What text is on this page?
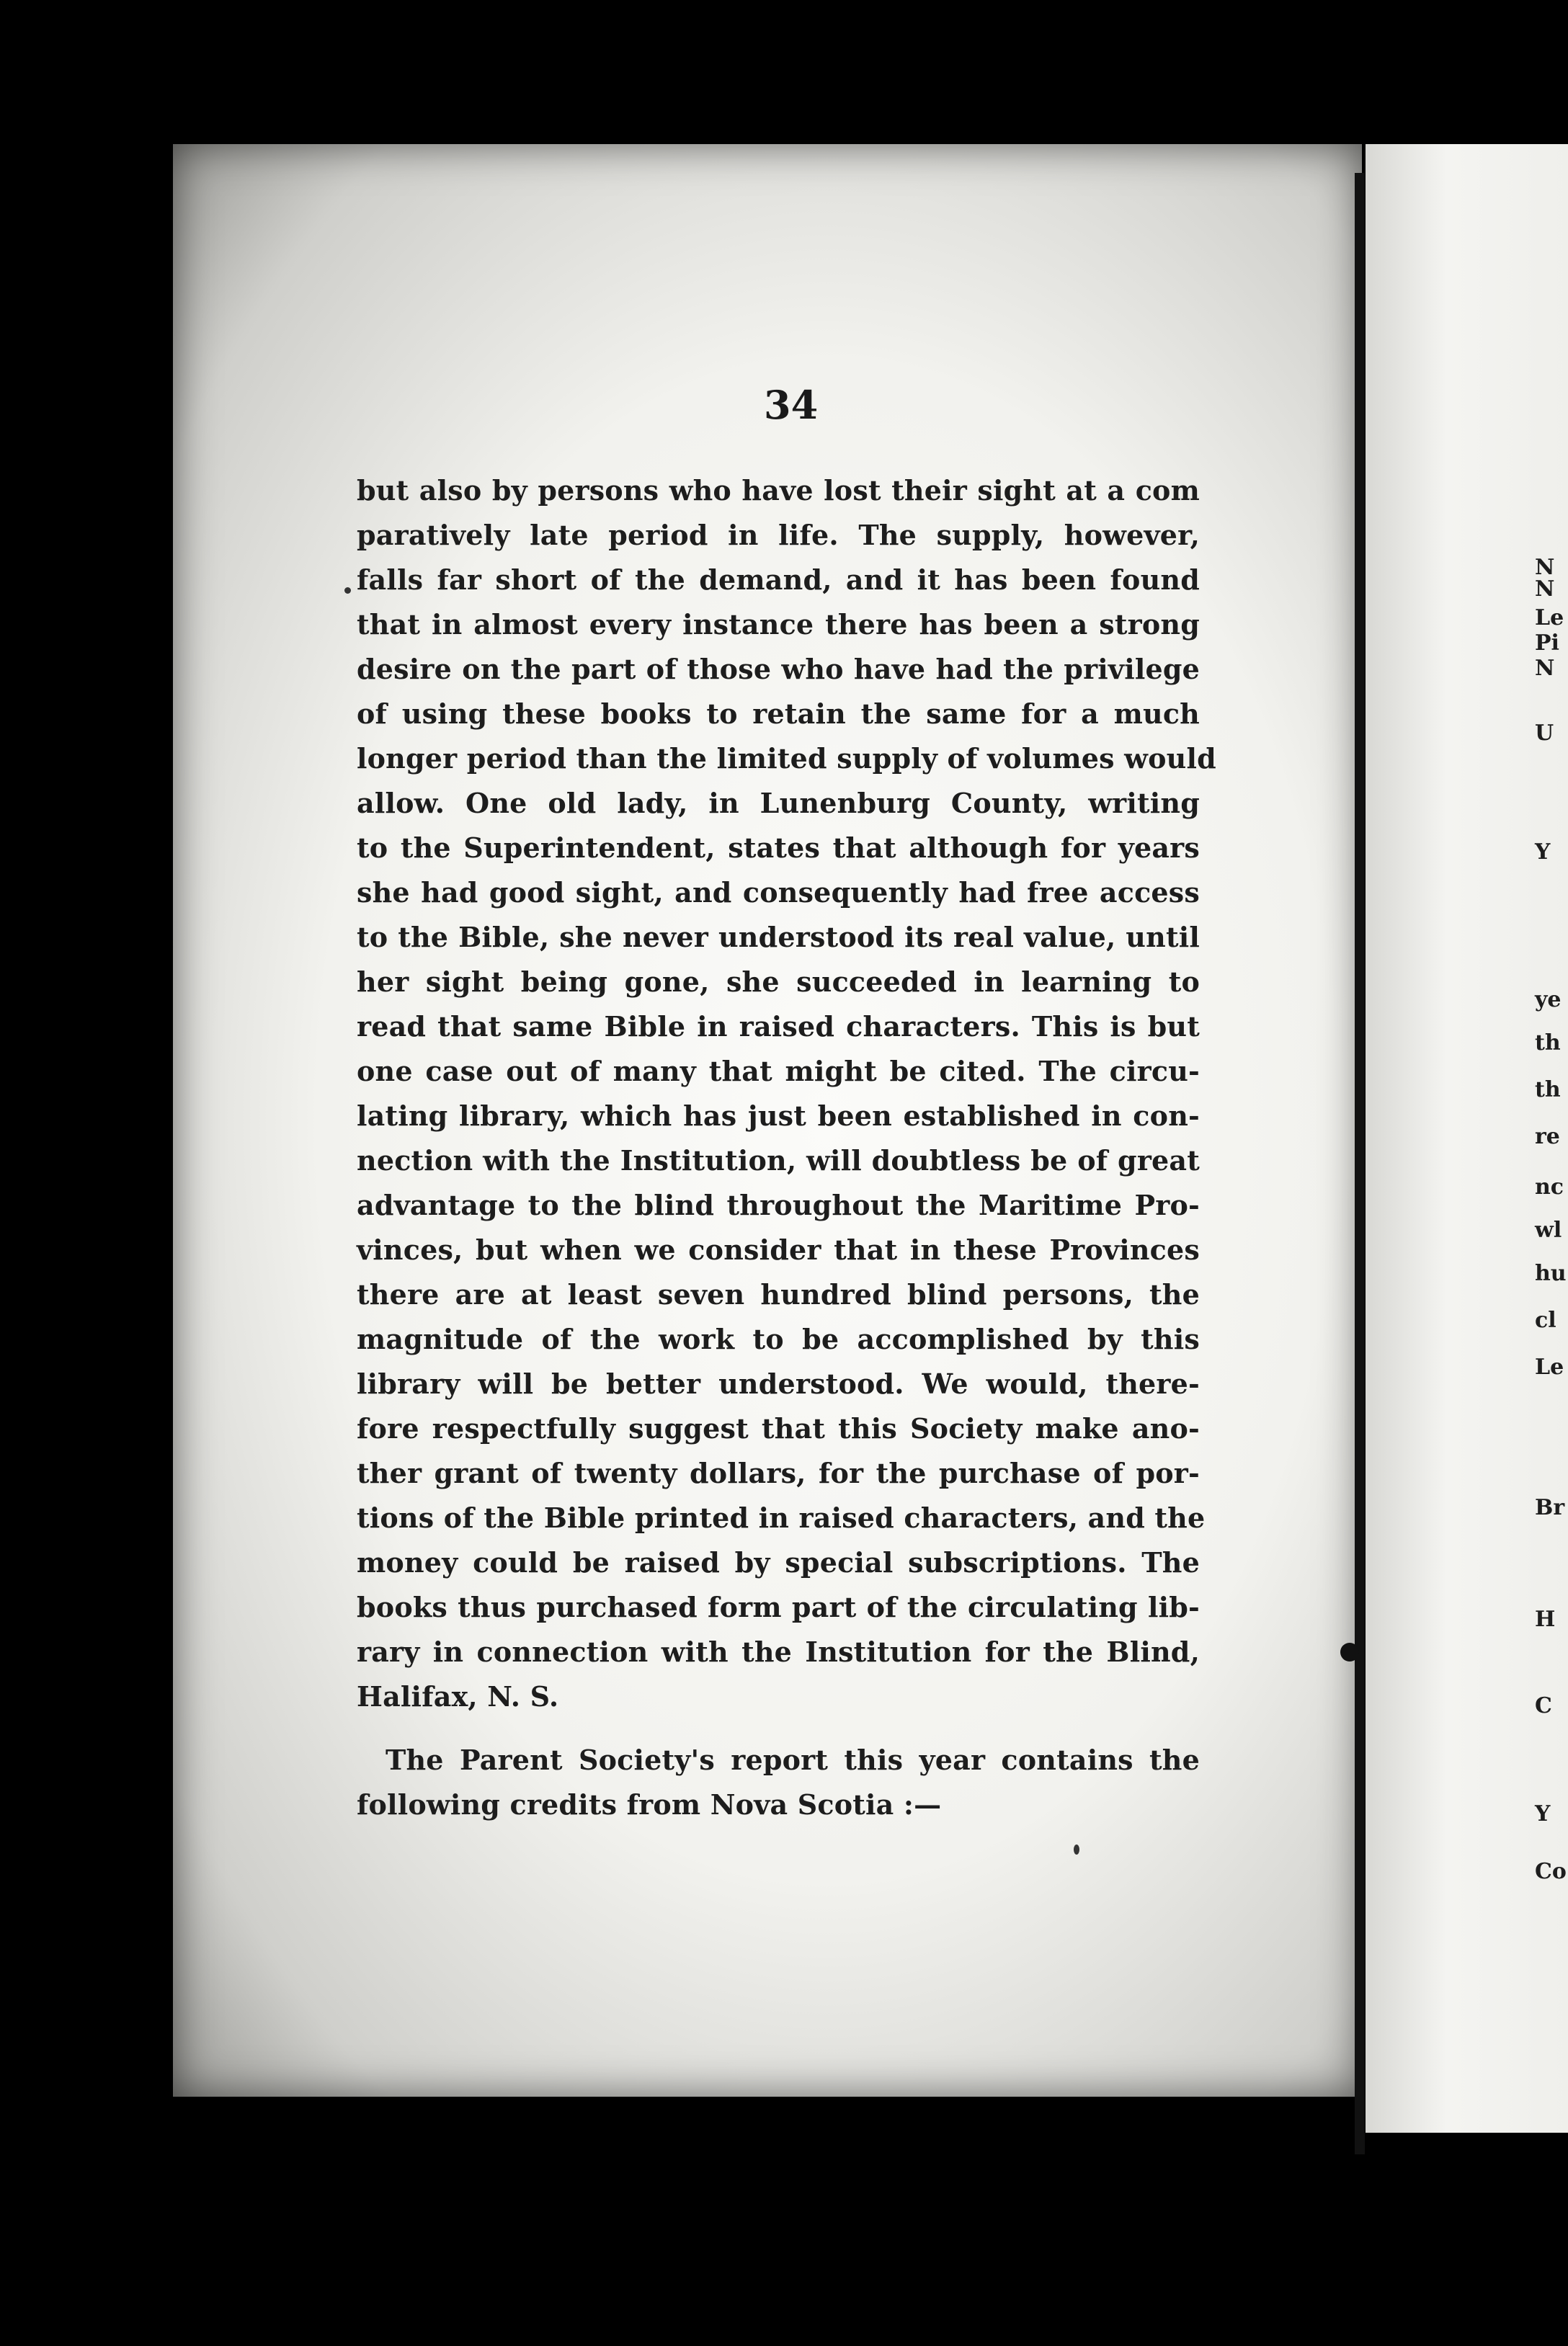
34
but also by persons who have lost their sight at a com
paratively late period in life. The supply, however,
falls far short of the demand, and it has been found
that in almost every instance there has been a strong
desire on the part of those who have had the privilege
of using these books to retain the same for a much
longer period than the limited supply of volumes would
allow. One old lady, in Lunenburg County, writing
to the Superintendent, states that although for years
she had good sight, and consequently had free access
to the Bible, she never understood its real value, until
her sight being gone, she succeeded in learning to
read that same Bible in raised characters. This is but
one case out of many that might be cited. The circu-
lating library, which has just been established in con-
nection with the Institution, will doubtless be of great
advantage to the blind throughout the Maritime Pro-
vinces, but when we consider that in these Provinces
there are at least seven hundred blind persons, the
magnitude of the work to be accomplished by this
library will be better understood. We would, there-
fore respectfully suggest that this Society make ano-
ther grant of twenty dollars, for the purchase of por-
tions of the Bible printed in raised characters, and the
money could be raised by special subscriptions. The
books thus purchased form part of the circulating lib-
rary in connection with the Institution for the Blind,
Halifax, N. S.
The Parent Society's report this year contains the
following credits from Nova Scotia :—
N
N
Le
Pi
N
U
Y
ye
th
th
re
nc
wl
hu
cl
Le
Br
H
C
Y
Co
